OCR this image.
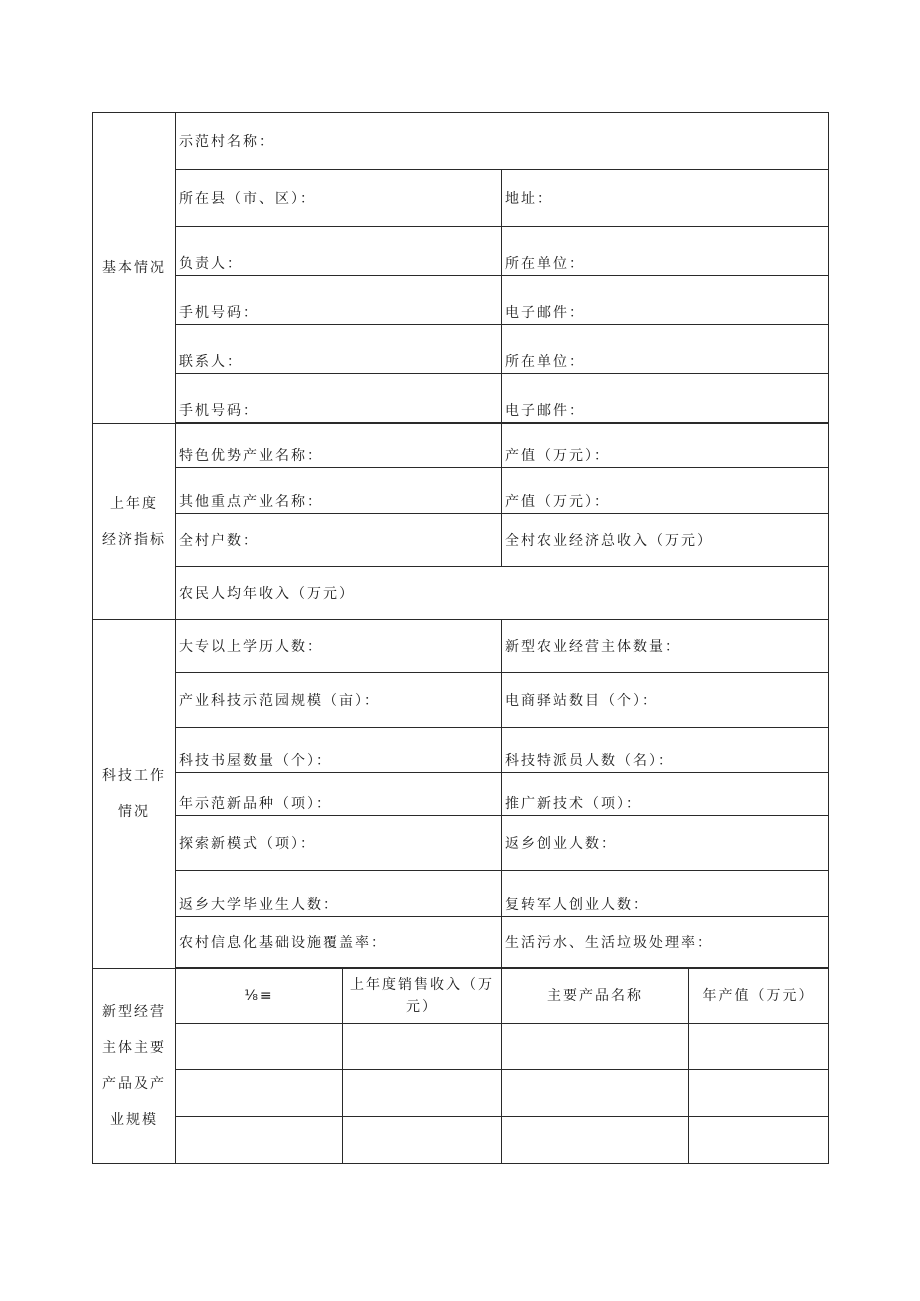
基本情况	示范村名称：			
	所在县（市、区）：		地址：	
	负责人：		所在单位：	
	手机号码：		电子邮件：	
	联系人：		所在单位：	
	手机号码：		电子邮件：	

上年度
经济指标	特色优势产业名称：		产值（万元）：	
	其他重点产业名称：		产值（万元）：	
	全村户数：		全村农业经济总收入（万元）	
	农民人均年收入（万元）			

科技工作
情况	大专以上学历人数：		新型农业经营主体数量：	
	产业科技示范园规模（亩）：		电商驿站数目（个）：	
	科技书屋数量（个）：		科技特派员人数（名）：	
	年示范新品种（项）：		推广新技术（项）：	
	探索新模式（项）：		返乡创业人数：	
	返乡大学毕业生人数：		复转军人创业人数：	
	农村信息化基础设施覆盖率：		生活污水、生活垃圾处理率：	

新型经营
主体主要
产品及产
业规模	⅛≡	上年度销售收入（万元）	主要产品名称	年产值（万元）
